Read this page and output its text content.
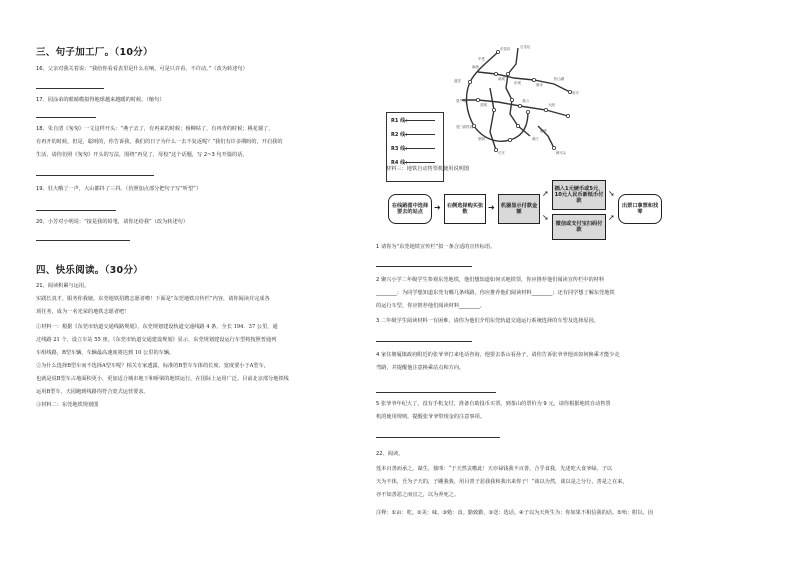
三、句子加工厂。（10分）
16、父亲对我关着说：“我给你看看表里是什么在响，可是只许看，不许动。”（改为转述句）
17、园涂弟的眼睛模拟得地球越来越暖的时候。（缩句）
18、朱自清《匆匆》一文这样开头：“燕子去了，有再来的时候；杨柳枯了，有再青的时候；桃花谢了，
有再开的时候。但是，聪明的，你告诉我，我们的日子为什么一去不复返呢？”我们有许多期盼的，开启我的
生活，请你仿照《匆匆》开头的写法，围绕“再见了，母校”这个话题，写 2~3 句开篇的话。
19、驻大哦了一声，大山都抖了三抖。（仿照加点部分把句子写“听望”）
20、小芳对小明说：“接是我的铅笔，请你还给我”（改为转述句）
四、快乐阅读。（30分）
21、阅读积累与运用。
实践长真才，服务你我她。东莞地铁招聘志愿者啦！下面是“东莞地铁宣传栏”内容，请你阅读并完成各
项任务，成为一名光荣的地铁志愿者吧！
①材料一：根据《东莞市轨道交通线路规划》，东莞规划建设轨道交通线路 4 条，全长 194．37 公里，通
过线路 21 个，设立车站 55 座。《东莞市轨道交通建设规划》显示，东莞规划建设运行车型将按照普通列
车组线路，B型车辆，车辆最高速度将达到 10 公里的车辆。
②为什么选择B型车而不选择A型车呢？相关专家透露，标准的B型车车体的长度、宽度要小于A型车，
也就是说B型车占地面积更小，更加适合城市地下和桥梁的地铁运行，在国际上运用广泛。目前北京部分地铁线
运用B型车，天园跑到线路均符合宽式运营要求。
③材料二：东莞地铁规划图
东莞站	石龙站
道滘
虎门高铁站
松山湖
黄江
常平
南城
东城
莞城
寮步
大朗
樟木头
茶山
塘厦
长安
厚街
麻涌
中堂
望牛墩
R1 线：
R2 线：
R3 线：
R4 线：
材料三：地铁自动售票机使用说明图
在线路图中选择要去的站点	➜	右侧选择购买张数	➜	机器显示付款金额
➚
➘
插入1元硬币或5元、10元人民币新纸币付款
微信或支付宝扫码付款
➘
➚
出票口拿票和找零
1 请你为“东莞地铁宣传栏”拟一条合适的宣传标语。
2 聚兴小学二年级学生参观东莞地铁，他们想知道如何买地铁票，你应推荐他们阅读宣传栏中的材料
________；为同学想知道东莞有哪几条线路，你应推荐他们阅读材料________；还有同学想了解东莞地铁
的运行车型，你应推荐他们阅读材料________。
3 二年级学生阅读材料一有困难，请你为他们介绍东莞轨道交通运行系统选择的车型及选择原因。
4 家住塘厦镇政府附近的张爷爷打来电话咨询，他要去茶山看孙子，请你告诉张爷爷他该如何换乘才能少走
弯路，并提醒他注意换乘站点和方向。
5 张爷爷年纪大了，没有手机支付，准备自助投币买票。到茶山的票价为 9 元，请你根据地铁自动售票
机的使用规则，提醒张爷爷带现金的注意事项。
22、阅读。
莲本百善而承之。谋生，独叩：“于天然贡嗷此！天亦禄钱我不百善，合乎食我，先述吃大食爷绿。子以
天为不体，吾为子天的，子踵我我，用目善子恶我我和我出来你子！”谈以为然，谈以是之分行，善是之在来，
亦不知善恶之而宜之，以为养死之。
注释：①亩：吃。②美：味。③勉：食。勤致勤，③送：选话。④子以为天所生为：你如果不相信我的话。⑤殆：附以，因
